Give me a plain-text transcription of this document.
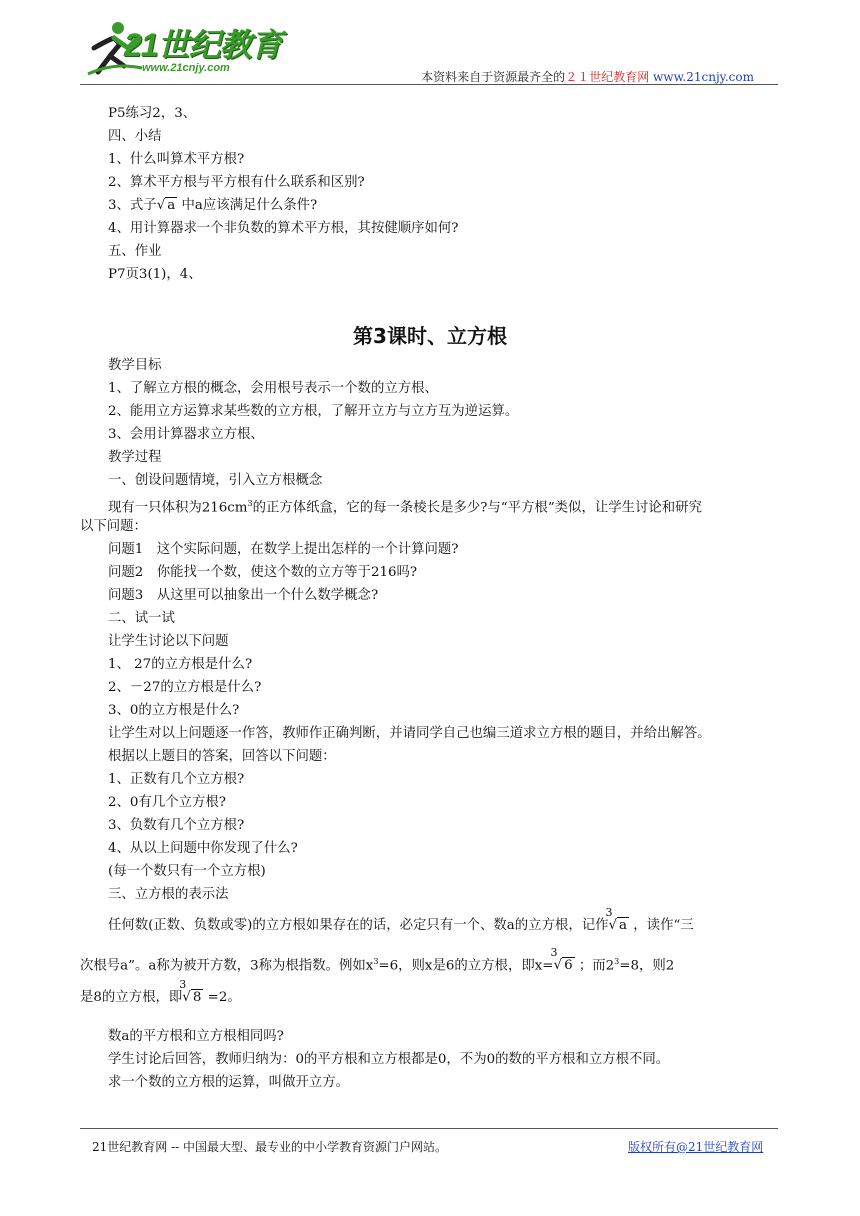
21世纪教育
www.21cnjy.com
本资料来自于资源最齐全的２１世纪教育网 www.21cnjy.com
P5练习2，3、
四、小结
1、什么叫算术平方根?
2、算术平方根与平方根有什么联系和区别?
3、式子√ a 中a应该满足什么条件?
4、用计算器求一个非负数的算术平方根，其按健顺序如何?
五、作业
P7页3(1)，4、
第3课时、立方根
教学目标
1、了解立方根的概念，会用根号表示一个数的立方根、
2、能用立方运算求某些数的立方根，了解开立方与立方互为逆运算。
3、会用计算器求立方根、
教学过程
一、创设问题情境，引入立方根概念
现有一只体积为$216cm^3$的正方体纸盒，它的每一条棱长是多少?与“平方根”类似，让学生讨论和研究
以下问题：
问题1　这个实际问题，在数学上提出怎样的一个计算问题?
问题2　你能找一个数，使这个数的立方等于216吗?
问题3　从这里可以抽象出一个什么数学概念?
二、试一试
让学生讨论以下问题
1、 27的立方根是什么?
2、－27的立方根是什么?
3、0的立方根是什么?
让学生对以上问题逐一作答，教师作正确判断，并请同学自己也编三道求立方根的题目，并给出解答。
根据以上题目的答案，回答以下问题：
1、正数有几个立方根?
2、0有几个立方根?
3、负数有几个立方根?
4、从以上问题中你发现了什么?
(每一个数只有一个立方根)
三、立方根的表示法
任何数(正数、负数或零)的立方根如果存在的话，必定只有一个、数a的立方根，记作
3
√ a ，读作“三
次根号a”。a称为被开方数，3称为根指数。例如$x^3=6$，则x是6的立方根，即x=
3
√ 6 ；而$2^3=8$，则2
是8的立方根，即
3
√ 8 =2。
数a的平方根和立方根相同吗?
学生讨论后回答，教师归纳为：0的平方根和立方根都是0，不为0的数的平方根和立方根不同。
求一个数的立方根的运算，叫做开立方。
21世纪教育网 -- 中国最大型、最专业的中小学教育资源门户网站。	版权所有@21世纪教育网
